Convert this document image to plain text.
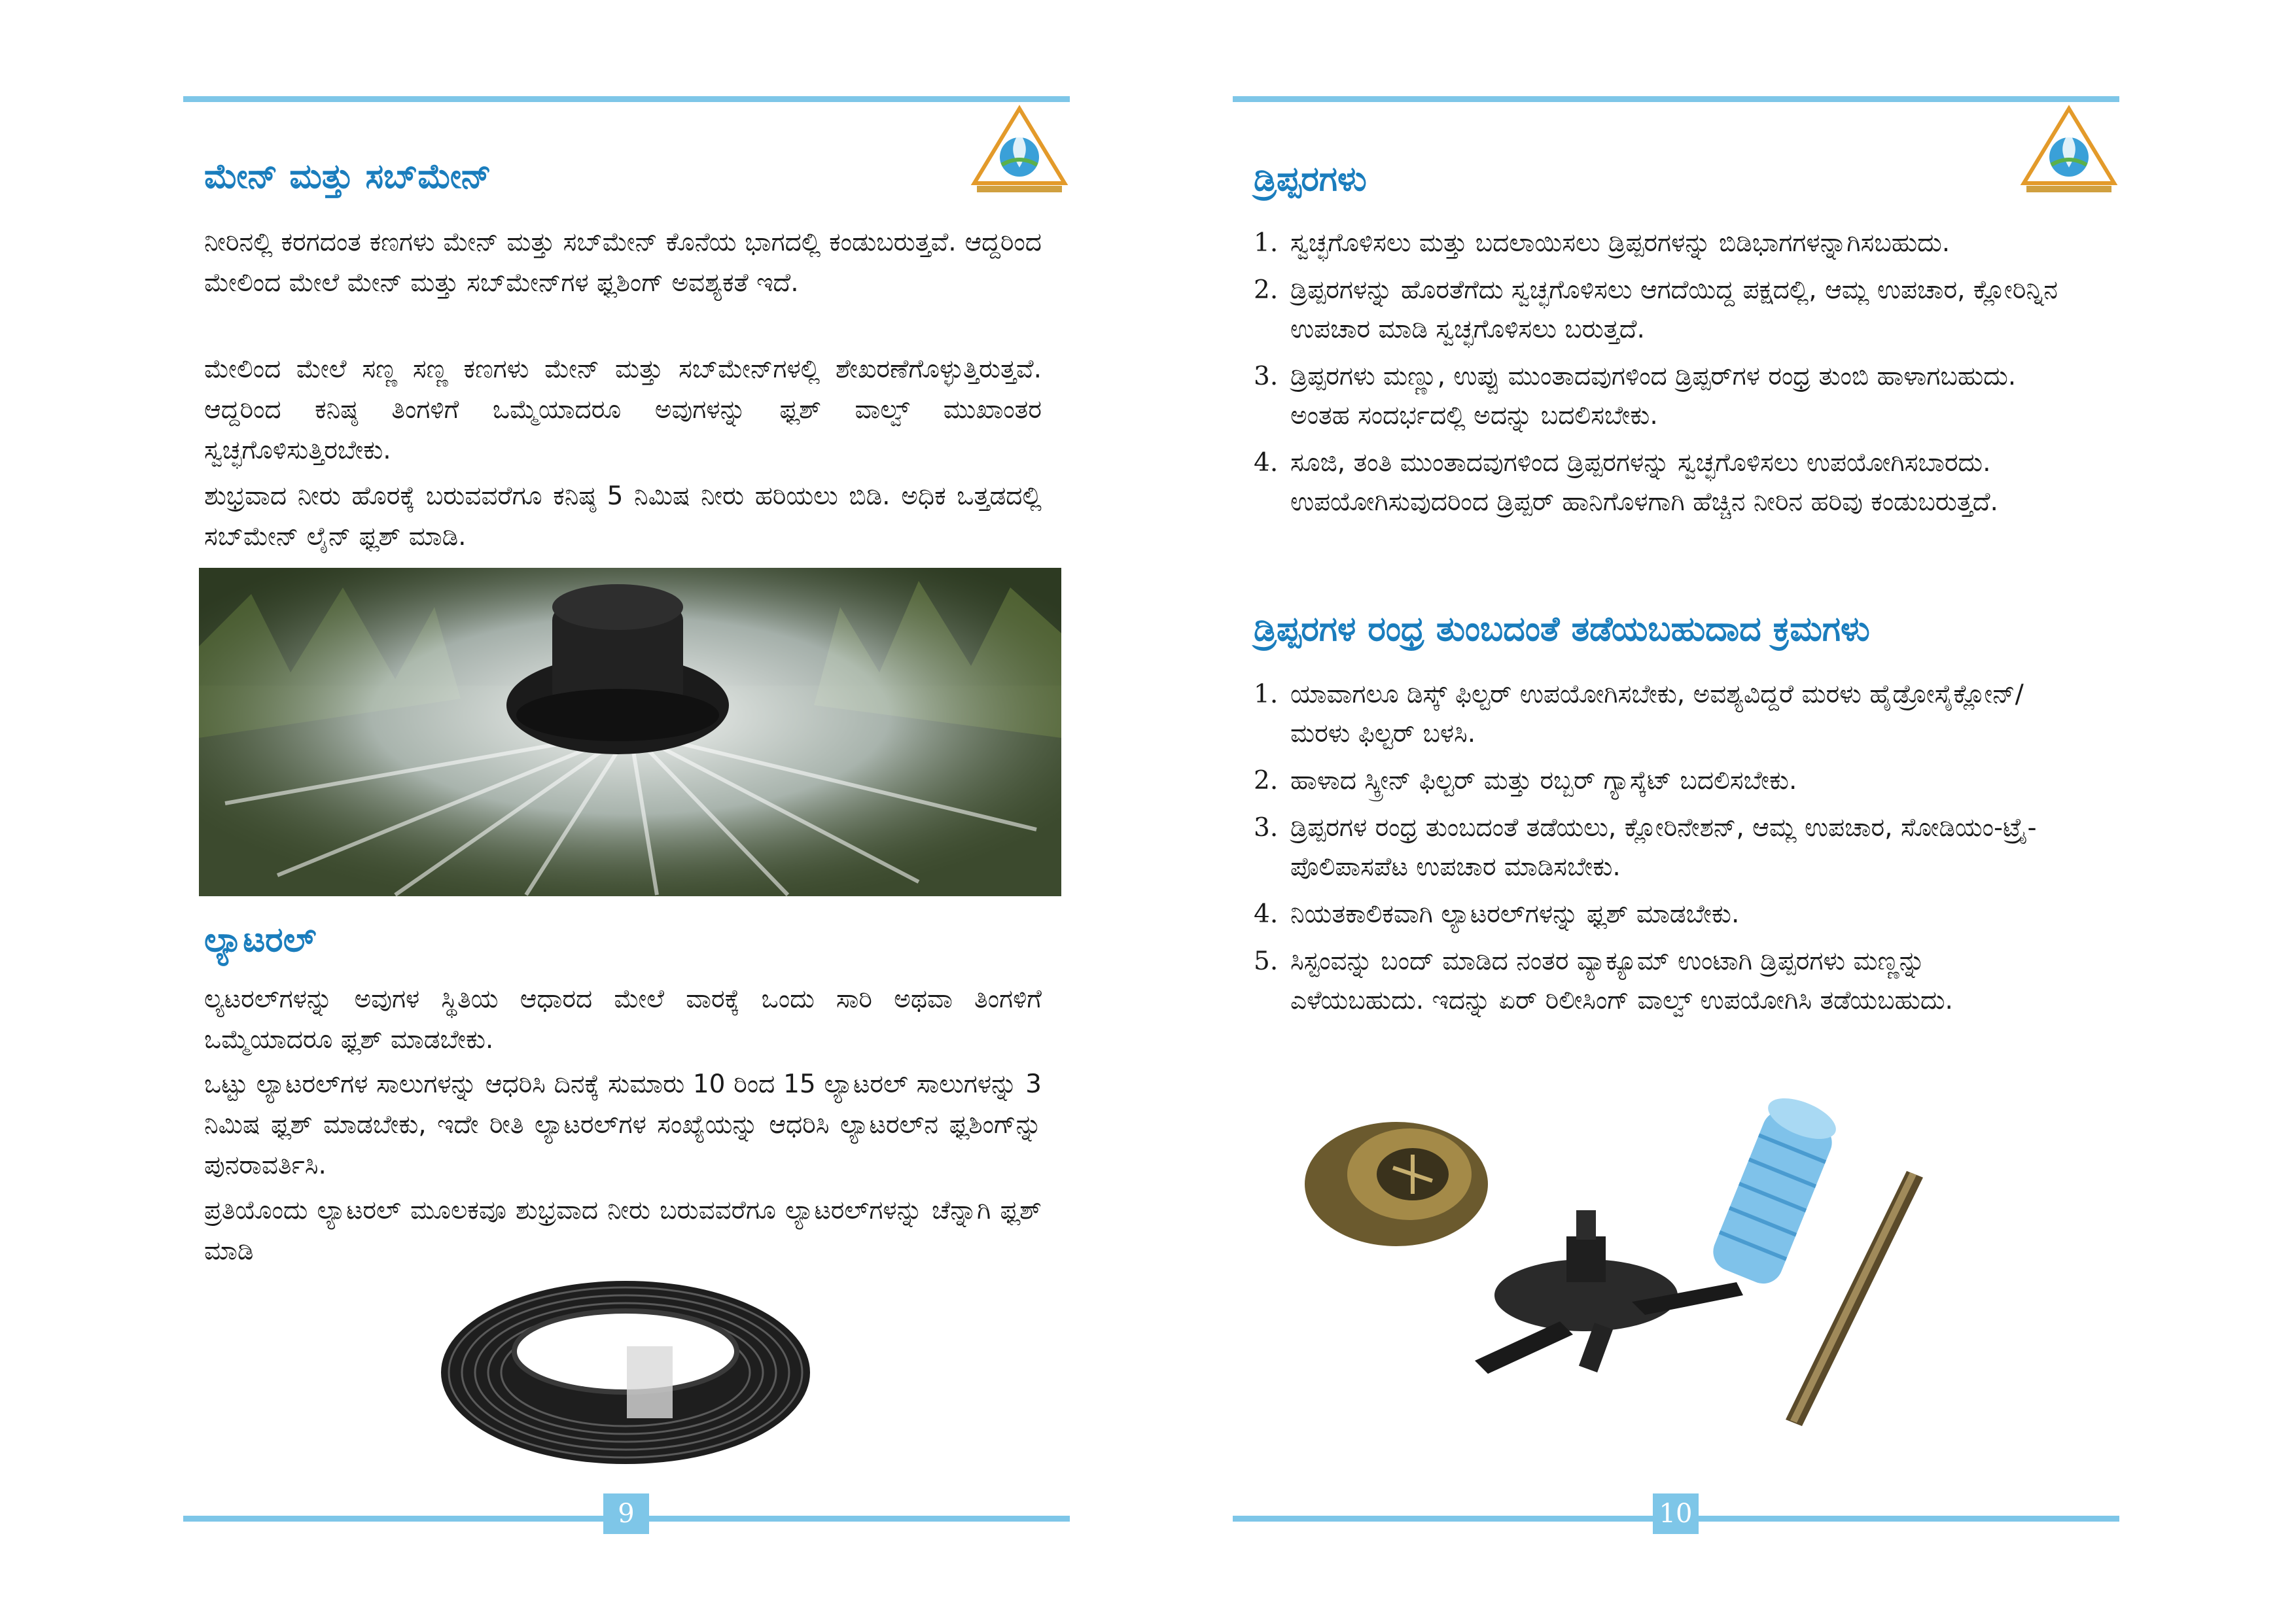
ಮೇನ್ ಮತ್ತು ಸಬ್‌ಮೇನ್

ನೀರಿನಲ್ಲಿ ಕರಗದಂತ ಕಣಗಳು ಮೇನ್ ಮತ್ತು ಸಬ್‌ಮೇನ್ ಕೊನೆಯ ಭಾಗದಲ್ಲಿ ಕಂಡುಬರುತ್ತವೆ. ಆದ್ದರಿಂದ ಮೇಲಿಂದ ಮೇಲೆ ಮೇನ್ ಮತ್ತು ಸಬ್‌ಮೇನ್‌ಗಳ ಫ್ಲಶಿಂಗ್ ಅವಶ್ಯಕತೆ ಇದೆ.

ಮೇಲಿಂದ ಮೇಲೆ ಸಣ್ಣ ಸಣ್ಣ ಕಣಗಳು ಮೇನ್ ಮತ್ತು ಸಬ್‌ಮೇನ್‌ಗಳಲ್ಲಿ ಶೇಖರಣೆಗೊಳ್ಳುತ್ತಿರುತ್ತವೆ. ಆದ್ದರಿಂದ ಕನಿಷ್ಠ ತಿಂಗಳಿಗೆ ಒಮ್ಮೆಯಾದರೂ ಅವುಗಳನ್ನು ಫ್ಲಶ್ ವಾಲ್ವ್ ಮುಖಾಂತರ ಸ್ವಚ್ಛಗೊಳಿಸುತ್ತಿರಬೇಕು.

ಶುಭ್ರವಾದ ನೀರು ಹೊರಕ್ಕೆ ಬರುವವರೆಗೂ ಕನಿಷ್ಠ 5 ನಿಮಿಷ ನೀರು ಹರಿಯಲು ಬಿಡಿ. ಅಧಿಕ ಒತ್ತಡದಲ್ಲಿ ಸಬ್‌ಮೇನ್ ಲೈನ್ ಫ್ಲಶ್ ಮಾಡಿ.

ಲ್ಯಾಟರಲ್

ಲ್ಯಟರಲ್‌ಗಳನ್ನು ಅವುಗಳ ಸ್ಥಿತಿಯ ಆಧಾರದ ಮೇಲೆ ವಾರಕ್ಕೆ ಒಂದು ಸಾರಿ ಅಥವಾ ತಿಂಗಳಿಗೆ ಒಮ್ಮೆಯಾದರೂ ಫ್ಲಶ್ ಮಾಡಬೇಕು.

ಒಟ್ಟು ಲ್ಯಾಟರಲ್‌ಗಳ ಸಾಲುಗಳನ್ನು ಆಧರಿಸಿ ದಿನಕ್ಕೆ ಸುಮಾರು 10 ರಿಂದ 15 ಲ್ಯಾಟರಲ್ ಸಾಲುಗಳನ್ನು 3 ನಿಮಿಷ ಫ್ಲಶ್ ಮಾಡಬೇಕು, ಇದೇ ರೀತಿ ಲ್ಯಾಟರಲ್‌ಗಳ ಸಂಖ್ಯೆಯನ್ನು ಆಧರಿಸಿ ಲ್ಯಾಟರಲ್‌ನ ಫ್ಲಶಿಂಗ್‌ನ್ನು ಪುನರಾವರ್ತಿಸಿ.

ಪ್ರತಿಯೊಂದು ಲ್ಯಾಟರಲ್ ಮೂಲಕವೂ ಶುಭ್ರವಾದ ನೀರು ಬರುವವರೆಗೂ ಲ್ಯಾಟರಲ್‌ಗಳನ್ನು ಚೆನ್ನಾಗಿ ಫ್ಲಶ್ ಮಾಡಿ

9
ಡ್ರಿಪ್ಪರಗಳು
1. ಸ್ವಚ್ಛಗೊಳಿಸಲು ಮತ್ತು ಬದಲಾಯಿಸಲು ಡ್ರಿಪ್ಪರಗಳನ್ನು ಬಿಡಿಭಾಗಗಳನ್ನಾಗಿಸಬಹುದು.
2. ಡ್ರಿಪ್ಪರಗಳನ್ನು ಹೊರತೆಗೆದು ಸ್ವಚ್ಛಗೊಳಿಸಲು ಆಗದೆಯಿದ್ದ ಪಕ್ಷದಲ್ಲಿ, ಆಮ್ಲ ಉಪಚಾರ, ಕ್ಲೋರಿನ್ನಿನ ಉಪಚಾರ ಮಾಡಿ ಸ್ವಚ್ಛಗೊಳಿಸಲು ಬರುತ್ತದೆ.
3. ಡ್ರಿಪ್ಪರಗಳು ಮಣ್ಣು, ಉಪ್ಪು ಮುಂತಾದವುಗಳಿಂದ ಡ್ರಿಪ್ಪರ್‌ಗಳ ರಂಧ್ರ ತುಂಬಿ ಹಾಳಾಗಬಹುದು. ಅಂತಹ ಸಂದರ್ಭದಲ್ಲಿ ಅದನ್ನು ಬದಲಿಸಬೇಕು.
4. ಸೂಜಿ, ತಂತಿ ಮುಂತಾದವುಗಳಿಂದ ಡ್ರಿಪ್ಪರಗಳನ್ನು ಸ್ವಚ್ಛಗೊಳಿಸಲು ಉಪಯೋಗಿಸಬಾರದು. ಉಪಯೋಗಿಸುವುದರಿಂದ ಡ್ರಿಪ್ಪರ್ ಹಾನಿಗೊಳಗಾಗಿ ಹೆಚ್ಚಿನ ನೀರಿನ ಹರಿವು ಕಂಡುಬರುತ್ತದೆ.
ಡ್ರಿಪ್ಪರಗಳ ರಂಧ್ರ ತುಂಬದಂತೆ ತಡೆಯಬಹುದಾದ ಕ್ರಮಗಳು
1. ಯಾವಾಗಲೂ ಡಿಸ್ಕ್ ಫಿಲ್ಟರ್ ಉಪಯೋಗಿಸಬೇಕು, ಅವಶ್ಯವಿದ್ದರೆ ಮರಳು ಹೈಡ್ರೋಸೈಕ್ಲೋನ್/ಮರಳು ಫಿಲ್ಟರ್ ಬಳಸಿ.
2. ಹಾಳಾದ ಸ್ಕ್ರೀನ್ ಫಿಲ್ಟರ್ ಮತ್ತು ರಬ್ಬರ್ ಗ್ಯಾಸ್ಕೆಟ್ ಬದಲಿಸಬೇಕು.
3. ಡ್ರಿಪ್ಪರಗಳ ರಂಧ್ರ ತುಂಬದಂತೆ ತಡೆಯಲು, ಕ್ಲೋರಿನೇಶನ್, ಆಮ್ಲ ಉಪಚಾರ, ಸೋಡಿಯಂ-ಟ್ರೈ-ಪೊಲಿಪಾಸಪೆಟ ಉಪಚಾರ ಮಾಡಿಸಬೇಕು.
4. ನಿಯತಕಾಲಿಕವಾಗಿ ಲ್ಯಾಟರಲ್‌ಗಳನ್ನು ಫ್ಲಶ್ ಮಾಡಬೇಕು.
5. ಸಿಸ್ಟಂವನ್ನು ಬಂದ್ ಮಾಡಿದ ನಂತರ ವ್ಯಾಕ್ಯೂಮ್ ಉಂಟಾಗಿ ಡ್ರಿಪ್ಪರಗಳು ಮಣ್ಣನ್ನು ಎಳೆಯಬಹುದು. ಇದನ್ನು ಏರ್ ರಿಲೀಸಿಂಗ್ ವಾಲ್ವ್ ಉಪಯೋಗಿಸಿ ತಡೆಯಬಹುದು.
10
